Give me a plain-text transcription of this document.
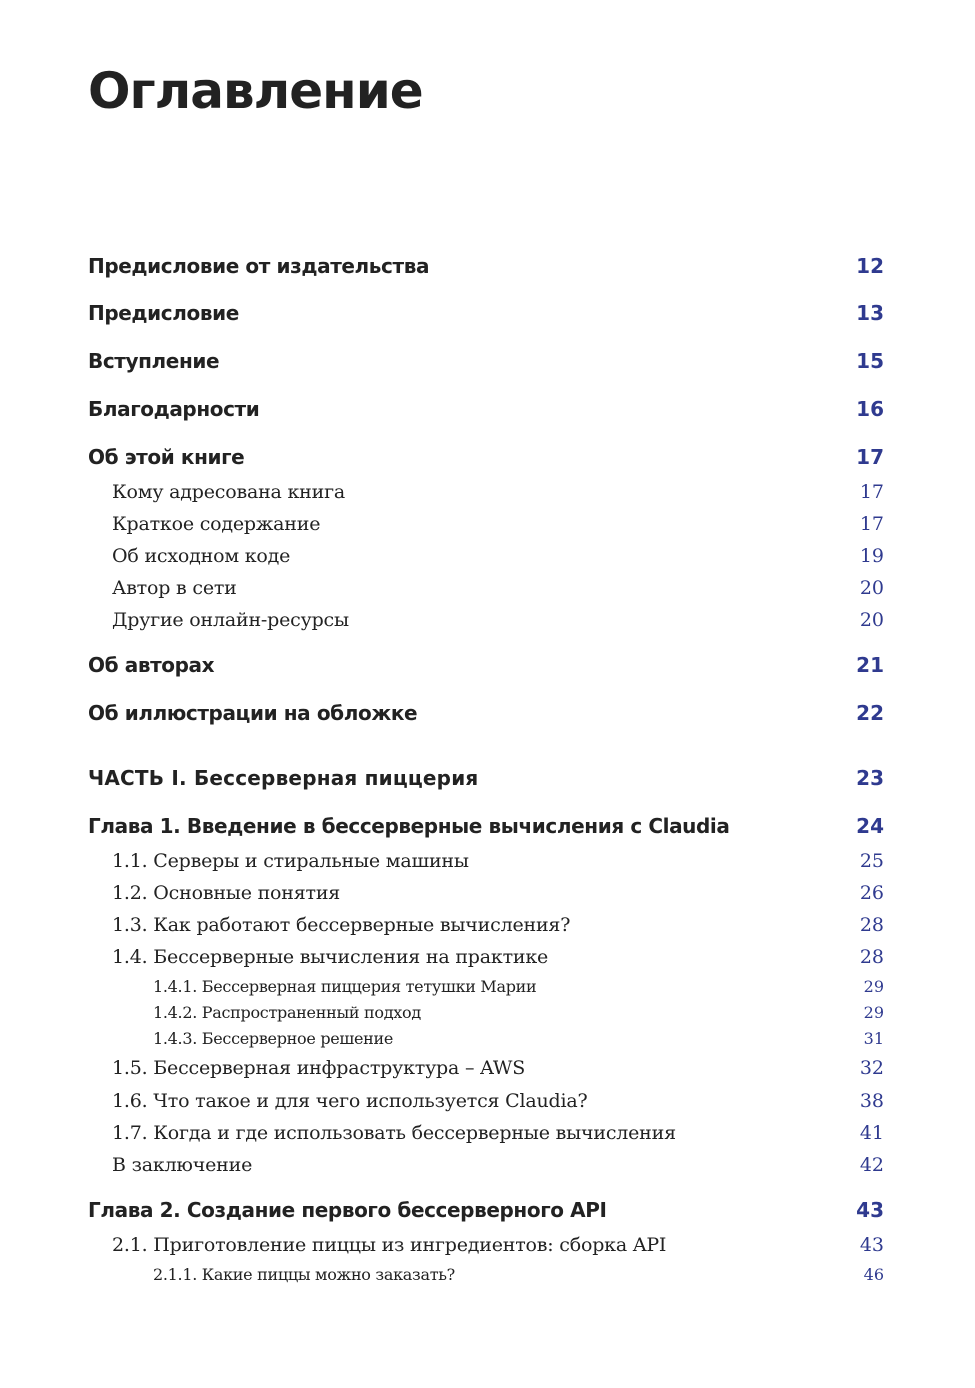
Оглавление
Предисловие от издательства	12
Предисловие	13
Вступление	15
Благодарности	16
Об этой книге	17
Кому адресована книга	17
Краткое содержание	17
Об исходном коде	19
Автор в сети	20
Другие онлайн-ресурсы	20
Об авторах	21
Об иллюстрации на обложке	22
ЧАСТЬ I. Бессерверная пиццерия	23
Глава 1. Введение в бессерверные вычисления с Claudia	24
1.1. Серверы и стиральные машины	25
1.2. Основные понятия	26
1.3. Как работают бессерверные вычисления?	28
1.4. Бессерверные вычисления на практике	28
1.4.1. Бессерверная пиццерия тетушки Марии	29
1.4.2. Распространенный подход	29
1.4.3. Бессерверное решение	31
1.5. Бессерверная инфраструктура – AWS	32
1.6. Что такое и для чего используется Claudia?	38
1.7. Когда и где использовать бессерверные вычисления	41
В заключение	42
Глава 2. Создание первого бессерверного API	43
2.1. Приготовление пиццы из ингредиентов: сборка API	43
2.1.1. Какие пиццы можно заказать?	46
